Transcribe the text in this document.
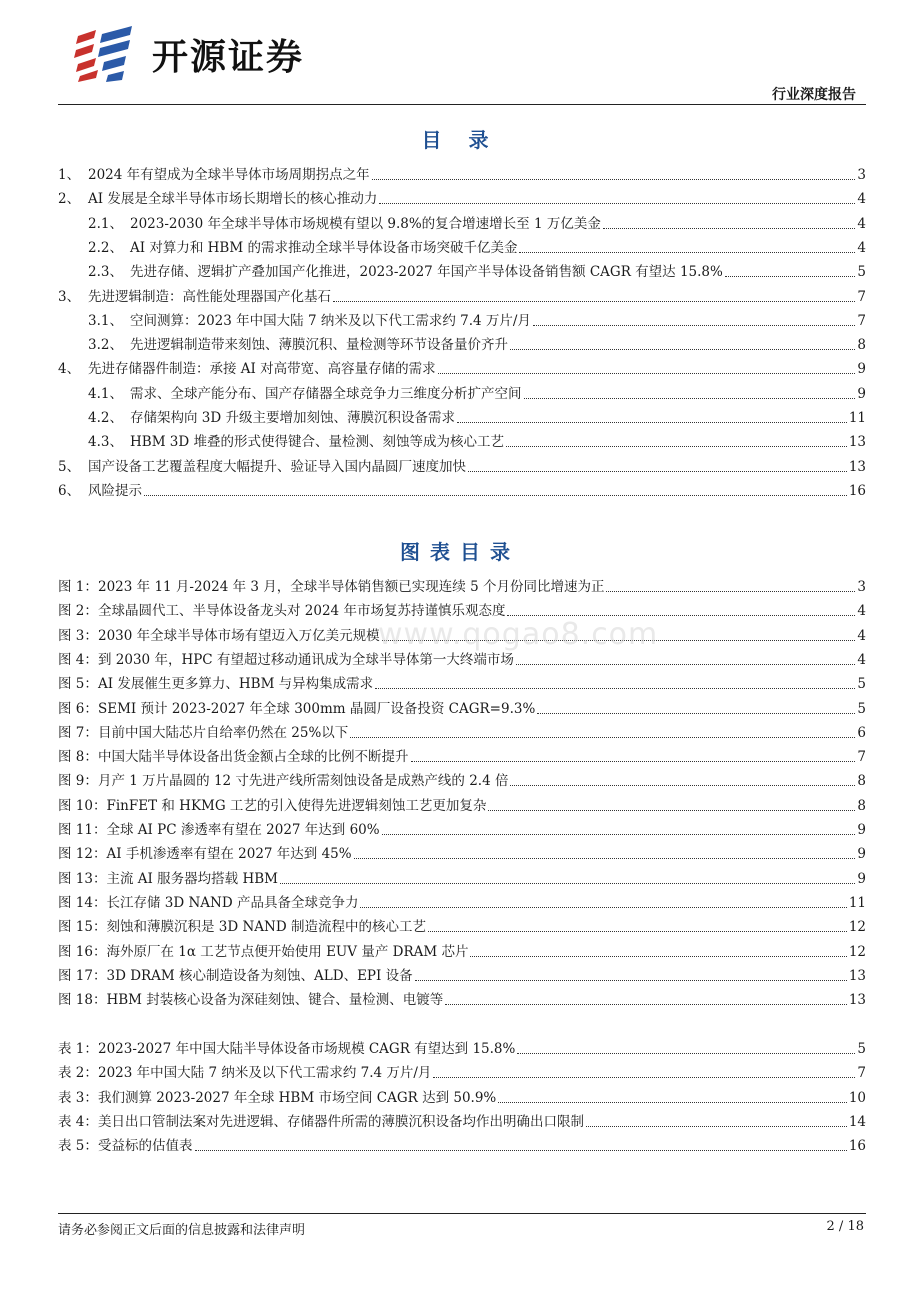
开源证券
行业深度报告
目 录
1、 2024 年有望成为全球半导体市场周期拐点之年	3
2、 AI 发展是全球半导体市场长期增长的核心推动力	4
2.1、 2023-2030 年全球半导体市场规模有望以 9.8%的复合增速增长至 1 万亿美金	4
2.2、 AI 对算力和 HBM 的需求推动全球半导体设备市场突破千亿美金	4
2.3、 先进存储、逻辑扩产叠加国产化推进，2023-2027 年国产半导体设备销售额 CAGR 有望达 15.8%	5
3、 先进逻辑制造：高性能处理器国产化基石	7
3.1、 空间测算：2023 年中国大陆 7 纳米及以下代工需求约 7.4 万片/月	7
3.2、 先进逻辑制造带来刻蚀、薄膜沉积、量检测等环节设备量价齐升	8
4、 先进存储器件制造：承接 AI 对高带宽、高容量存储的需求	9
4.1、 需求、全球产能分布、国产存储器全球竞争力三维度分析扩产空间	9
4.2、 存储架构向 3D 升级主要增加刻蚀、薄膜沉积设备需求	11
4.3、 HBM 3D 堆叠的形式使得键合、量检测、刻蚀等成为核心工艺	13
5、 国产设备工艺覆盖程度大幅提升、验证导入国内晶圆厂速度加快	13
6、 风险提示	16
图表目录
图 1： 2023 年 11 月-2024 年 3 月，全球半导体销售额已实现连续 5 个月份同比增速为正	3
图 2： 全球晶圆代工、半导体设备龙头对 2024 年市场复苏持谨慎乐观态度	4
图 3： 2030 年全球半导体市场有望迈入万亿美元规模	4
图 4： 到 2030 年，HPC 有望超过移动通讯成为全球半导体第一大终端市场	4
图 5： AI 发展催生更多算力、HBM 与异构集成需求	5
图 6： SEMI 预计 2023-2027 年全球 300mm 晶圆厂设备投资 CAGR=9.3%	5
图 7： 目前中国大陆芯片自给率仍然在 25%以下	6
图 8： 中国大陆半导体设备出货金额占全球的比例不断提升	7
图 9： 月产 1 万片晶圆的 12 寸先进产线所需刻蚀设备是成熟产线的 2.4 倍	8
图 10： FinFET 和 HKMG 工艺的引入使得先进逻辑刻蚀工艺更加复杂	8
图 11： 全球 AI PC 渗透率有望在 2027 年达到 60%	9
图 12： AI 手机渗透率有望在 2027 年达到 45%	9
图 13： 主流 AI 服务器均搭载 HBM	9
图 14： 长江存储 3D NAND 产品具备全球竞争力	11
图 15： 刻蚀和薄膜沉积是 3D NAND 制造流程中的核心工艺	12
图 16： 海外原厂在 1α 工艺节点便开始使用 EUV 量产 DRAM 芯片	12
图 17： 3D DRAM 核心制造设备为刻蚀、ALD、EPI 设备	13
图 18： HBM 封装核心设备为深硅刻蚀、键合、量检测、电镀等	13
表 1： 2023-2027 年中国大陆半导体设备市场规模 CAGR 有望达到 15.8%	5
表 2： 2023 年中国大陆 7 纳米及以下代工需求约 7.4 万片/月	7
表 3： 我们测算 2023-2027 年全球 HBM 市场空间 CAGR 达到 50.9%	10
表 4： 美日出口管制法案对先进逻辑、存储器件所需的薄膜沉积设备均作出明确出口限制	14
表 5： 受益标的估值表	16
www.qogao8.com
请务必参阅正文后面的信息披露和法律声明	2 / 18
